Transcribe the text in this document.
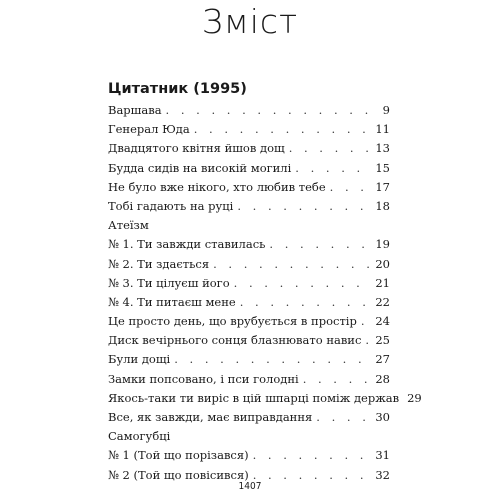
Зміст
Цитатник (1995)
Варшава . . .	9
Генерал Юда . . .	11
Двадцятого квітня йшов дощ . . .	13
Будда сидів на високій могилі . . .	15
Не було вже нікого, хто любив тебе . . .	17
Тобі гадають на руці . . .	18
Атеїзм
№ 1. Ти завжди ставилась . . .	19
№ 2. Ти здається . . .	20
№ 3. Ти цілуєш його . . .	21
№ 4. Ти питаєш мене . . .	22
Це просто день, що врубується в простір . . . 24
Диск вечірнього сонця блазнювато навис . . . 25
Були дощі . . .	27
Замки попсовано, і пси голодні . . .	28
Якось-таки ти виріс в цій шпарці поміж держав 29
Все, як завжди, має виправдання . . .	30
Самогубці
№ 1 (Той що порізався) . . .	31
№ 2 (Той що повісився) . . .	32
1407
